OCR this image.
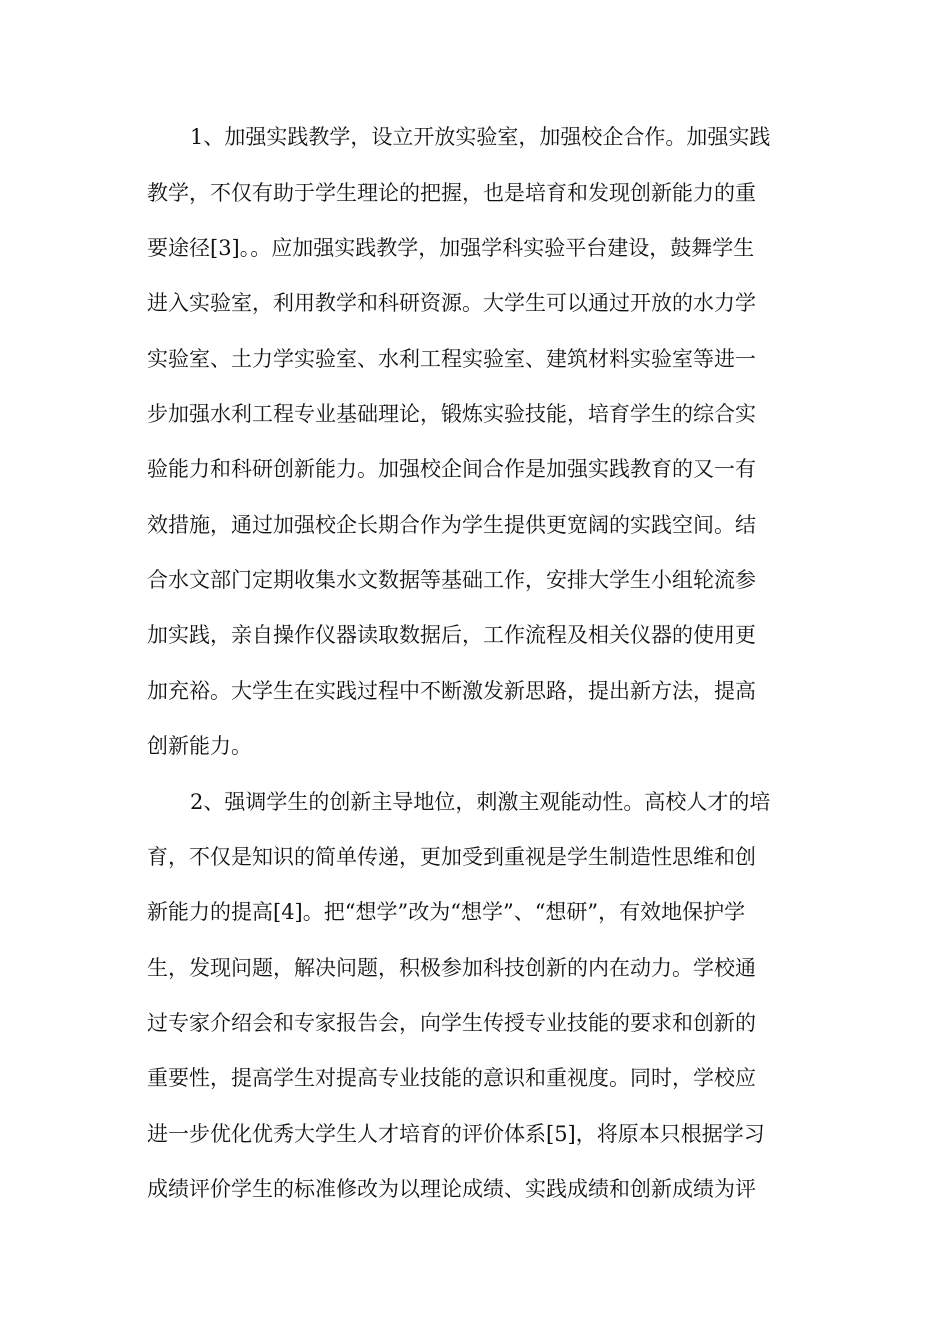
1、加强实践教学，设立开放实验室，加强校企合作。加强实践
教学，不仅有助于学生理论的把握，也是培育和发现创新能力的重
要途径[3]。。应加强实践教学，加强学科实验平台建设，鼓舞学生
进入实验室，利用教学和科研资源。大学生可以通过开放的水力学
实验室、土力学实验室、水利工程实验室、建筑材料实验室等进一
步加强水利工程专业基础理论，锻炼实验技能，培育学生的综合实
验能力和科研创新能力。加强校企间合作是加强实践教育的又一有
效措施，通过加强校企长期合作为学生提供更宽阔的实践空间。结
合水文部门定期收集水文数据等基础工作，安排大学生小组轮流参
加实践，亲自操作仪器读取数据后，工作流程及相关仪器的使用更
加充裕。大学生在实践过程中不断激发新思路，提出新方法，提高
创新能力。
2、强调学生的创新主导地位，刺激主观能动性。高校人才的培
育，不仅是知识的简单传递，更加受到重视是学生制造性思维和创
新能力的提高[4]。把“想学”改为“想学”、“想研”，有效地保护学
生，发现问题，解决问题，积极参加科技创新的内在动力。学校通
过专家介绍会和专家报告会，向学生传授专业技能的要求和创新的
重要性，提高学生对提高专业技能的意识和重视度。同时，学校应
进一步优化优秀大学生人才培育的评价体系[5]，将原本只根据学习
成绩评价学生的标准修改为以理论成绩、实践成绩和创新成绩为评
